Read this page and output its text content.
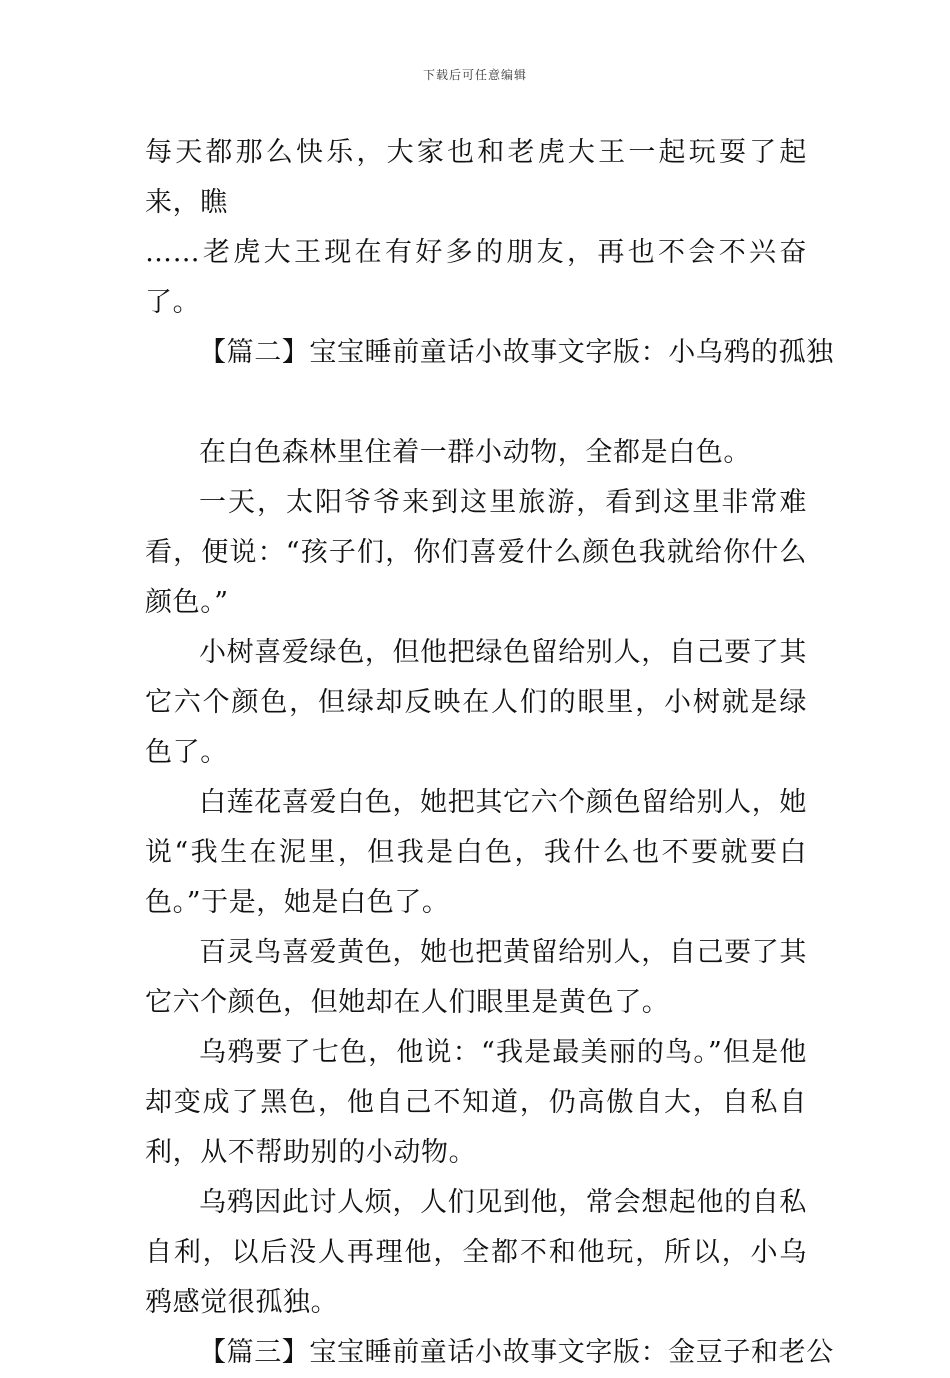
下载后可任意编辑

每天都那么快乐，大家也和老虎大王一起玩耍了起来，瞧

……老虎大王现在有好多的朋友，再也不会不兴奋了。

【篇二】宝宝睡前童话小故事文字版：小乌鸦的孤独

在白色森林里住着一群小动物，全都是白色。

一天，太阳爷爷来到这里旅游，看到这里非常难看，便说：“孩子们，你们喜爱什么颜色我就给你什么颜色。”

小树喜爱绿色，但他把绿色留给别人，自己要了其它六个颜色，但绿却反映在人们的眼里，小树就是绿色了。

白莲花喜爱白色，她把其它六个颜色留给别人，她说“我生在泥里，但我是白色，我什么也不要就要白色。”于是，她是白色了。

百灵鸟喜爱黄色，她也把黄留给别人，自己要了其它六个颜色，但她却在人们眼里是黄色了。

乌鸦要了七色，他说：“我是最美丽的鸟。”但是他却变成了黑色，他自己不知道，仍高傲自大，自私自利，从不帮助别的小动物。

乌鸦因此讨人烦，人们见到他，常会想起他的自私自利，以后没人再理他，全都不和他玩，所以，小乌鸦感觉很孤独。

【篇三】宝宝睡前童话小故事文字版：金豆子和老公
